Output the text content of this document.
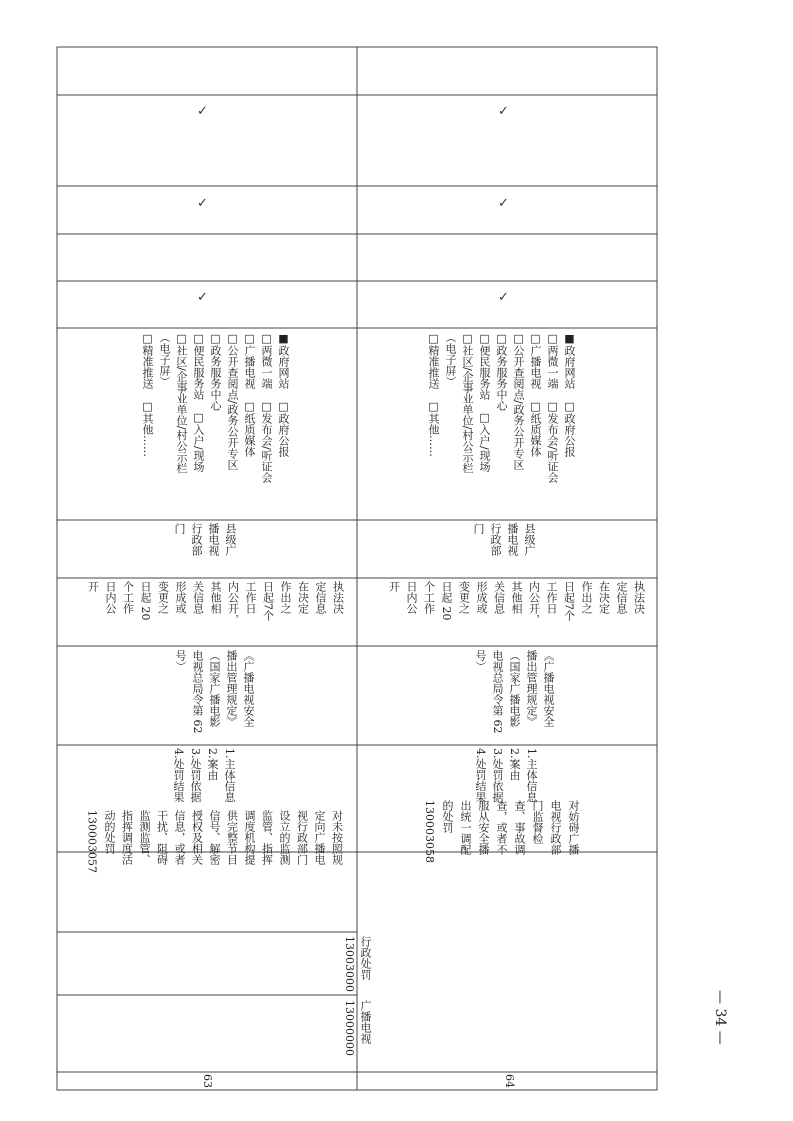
63
广播电视
13000000
行政处罚
13003000
对未按照规
定向广播电
视行政部门
设立的监测
监管、指挥
调度机构提
供完整节目
信号、解密
授权及相关
信息，或者
干扰、阻碍
监测监管、
指挥调度活
动的处罚
130003057
1.主体信息
2.案由
3.处罚依据
4.处罚结果
《广播电视安全
播出管理规定》
（国家广播电影
电视总局令第 62
号）
执法决
定信息
在决定
作出之
日起7个
工作日
内公开，
其他相
关信息
形成或
变更之
日起 20
个工作
日内公
开
县级广
播电视
行政部
门
■政府网站　□政府公报
□两微一端　□发布会/听证会
□广播电视　□纸质媒体
□公开查阅点/政务公开专区
□政务服务中心
□便民服务站　□入户/现场
□社区/企事业单位/村公示栏
（电子屏）
□精准推送　□其他……
✓
✓
✓
64
对妨碍广播
电视行政部
门监督检
查、事故调
查，或者不
服从安全播
出统一调配
的处罚
130003058
1.主体信息
2.案由
3.处罚依据
4.处罚结果
《广播电视安全
播出管理规定》
（国家广播电影
电视总局令第 62
号）
执法决
定信息
在决定
作出之
日起7个
工作日
内公开，
其他相
关信息
形成或
变更之
日起 20
个工作
日内公
开
县级广
播电视
行政部
门
■政府网站　□政府公报
□两微一端　□发布会/听证会
□广播电视　□纸质媒体
□公开查阅点/政务公开专区
□政务服务中心
□便民服务站　□入户/现场
□社区/企事业单位/村公示栏
（电子屏）
□精准推送　□其他……
✓
✓
✓
— 34 —
